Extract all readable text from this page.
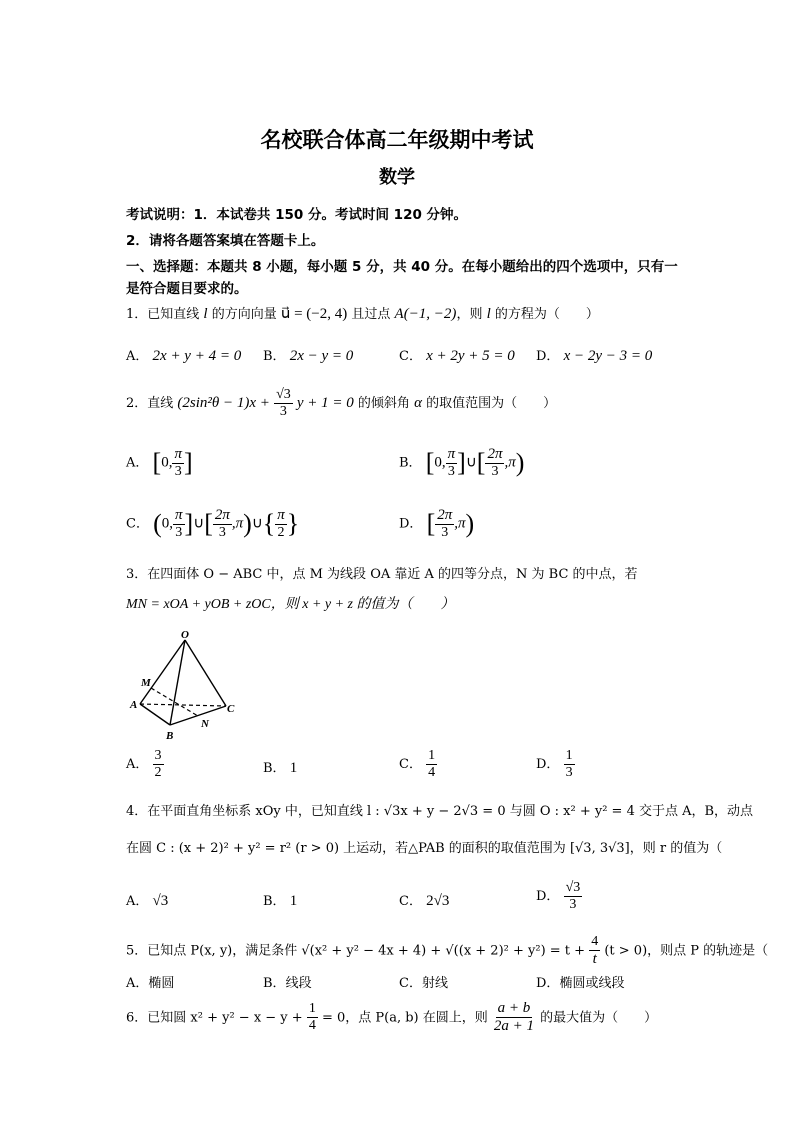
名校联合体高二年级期中考试
数学
考试说明：1．本试卷共 150 分。考试时间 120 分钟。
2．请将各题答案填在答题卡上。
一、选择题：本题共 8 小题，每小题 5 分，共 40 分。在每小题给出的四个选项中，只有一
是符合题目要求的。
1．已知直线 l 的方向向量 u⃗ = (−2, 4) 且过点 A(−1, −2)，则 l 的方程为（　　）
A． 2x + y + 4 = 0 B． 2x − y = 0	C． x + 2y + 5 = 0 D． x − 2y − 3 = 0
2．直线 $(2\sin^2\theta - 1)x + \frac{√3}{3}$ y + 1 = 0 的倾斜角 α 的取值范围为（　　）
A． [0, $\frac{\pi}{3}$ ]	B． [0, $\frac{\pi}{3}$ ]∪[ $\frac{2\pi}{3} ,\pi$)
C． (0, $\frac{\pi}{3}$ ]∪[ $\frac{2\pi}{3}$ ,π)∪{ $\frac{\pi}{2}$ }	D． [ $\frac{2\pi}{3} ,\pi$)
3．在四面体 O − ABC 中，点 M 为线段 OA 靠近 A 的四等分点，N 为 BC 的中点，若
MN = xOA + yOB + zOC，则 x + y + z 的值为（　　）
O
M
A
B
C
N
A． $\frac{3}{2}$	B． 1	C． $\frac{1}{4}$	D． $\frac{1}{3}$
4．在平面直角坐标系 xOy 中，已知直线 l : √3x + y − 2√3 = 0 与圆 O : x² + y² = 4 交于点 A，B，动点
在圆 C : (x + 2)² + y² = r² (r > 0) 上运动，若△PAB 的面积的取值范围为 [√3, 3√3]，则 r 的值为（
A． √3	B． 1	C． 2√3	D． $\frac{√3}{3}$
5．已知点 P(x, y)，满足条件 $√(x^2 + y^2 - 4x + 4) + √((x + 2)^2 + y^2) = t + \frac{4}{t} (t > 0)$，则点 P 的轨迹是（
A．椭圆	B．线段	C．射线	D．椭圆或线段
6．已知圆 $x^2 + y^2 - x - y + \frac{1}{4} = 0$，点 P(a, b) 在圆上，则 $\frac{a + b}{2a + 1}$ 的最大值为（　　）
